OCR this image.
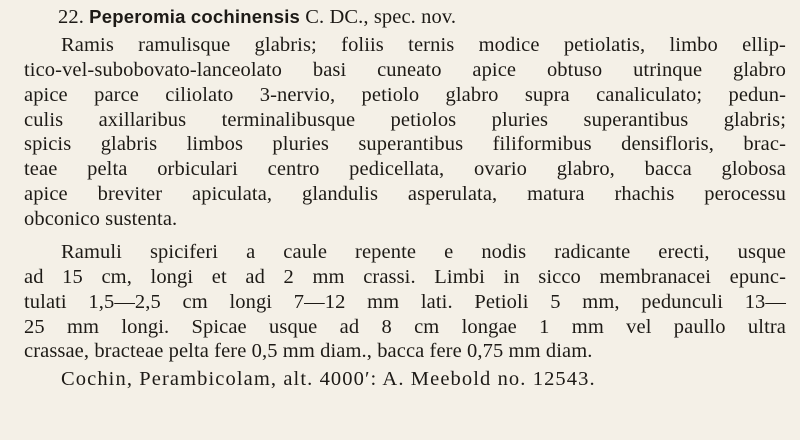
22. Peperomia cochinensis C. DC., spec. nov.
Ramis ramulisque glabris; foliis ternis modice petiolatis, limbo ellip-
tico-vel-subobovato-lanceolato basi cuneato apice obtuso utrinque glabro
apice parce ciliolato 3-nervio, petiolo glabro supra canaliculato; pedun-
culis axillaribus terminalibusque petiolos pluries superantibus glabris;
spicis glabris limbos pluries superantibus filiformibus densifloris, brac-
teae pelta orbiculari centro pedicellata, ovario glabro, bacca globosa
apice breviter apiculata, glandulis asperulata, matura rhachis perocessu
obconico sustenta.
Ramuli spiciferi a caule repente e nodis radicante erecti, usque
ad 15 cm, longi et ad 2 mm crassi. Limbi in sicco membranacei epunc-
tulati 1,5—2,5 cm longi 7—12 mm lati. Petioli 5 mm, pedunculi 13—
25 mm longi. Spicae usque ad 8 cm longae 1 mm vel paullo ultra
crassae, bracteae pelta fere 0,5 mm diam., bacca fere 0,75 mm diam.
Cochin, Perambicolam, alt. 4000′: A. Meebold no. 12543.
